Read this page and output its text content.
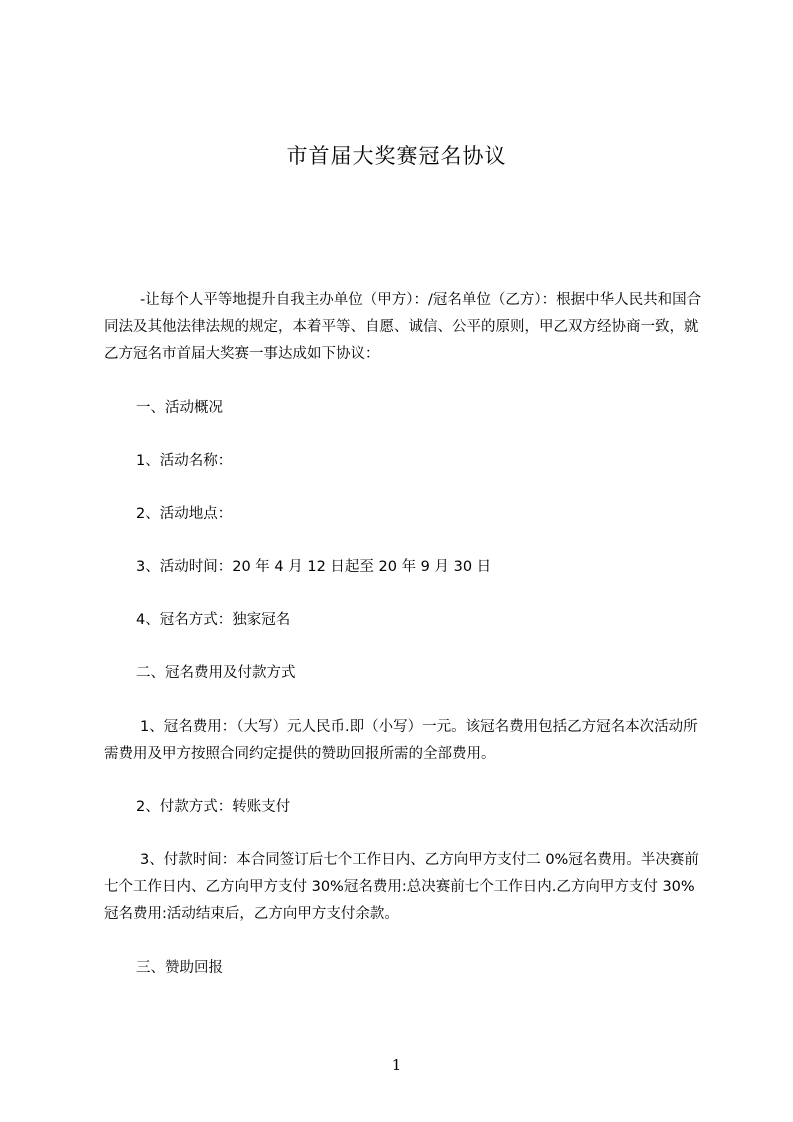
市首届大奖赛冠名协议

-让每个人平等地提升自我主办单位（甲方）：/冠名单位（乙方）：根据中华人民共和国合同法及其他法律法规的规定，本着平等、自愿、诚信、公平的原则，甲乙双方经协商一致，就乙方冠名市首届大奖赛一事达成如下协议：

一、活动概况
1、活动名称：
2、活动地点：
3、活动时间：20 年 4 月 12 日起至 20 年 9 月 30 日
4、冠名方式：独家冠名
二、冠名费用及付款方式

1、冠名费用：（大写）元人民币.即（小写）一元。该冠名费用包括乙方冠名本次活动所需费用及甲方按照合同约定提供的赞助回报所需的全部费用。

2、付款方式：转账支付

3、付款时间：本合同签订后七个工作日内、乙方向甲方支付二 0%冠名费用。半决赛前七个工作日内、乙方向甲方支付 30%冠名费用:总决赛前七个工作日内.乙方向甲方支付 30%冠名费用:活动结束后，乙方向甲方支付余款。

三、赞助回报
1
